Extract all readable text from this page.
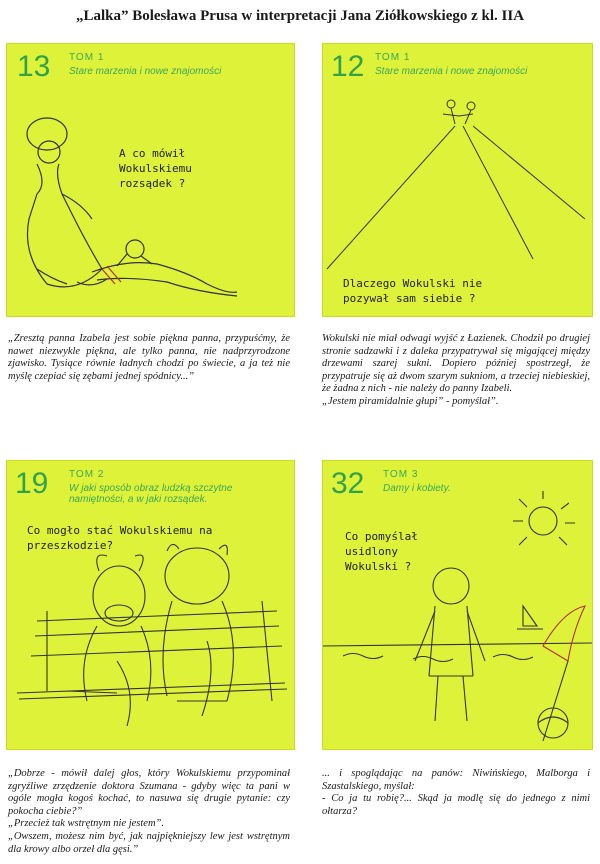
„Lalka” Bolesława Prusa w interpretacji Jana Ziółkowskiego z kl. IIA
13 TOM 1
Stare marzenia i nowe znajomości
A co mówił
Wokulskiemu
rozsądek ?
12 TOM 1
Stare marzenia i nowe znajomości
Dlaczego Wokulski nie
pozywał sam siebie ?

„Zresztą panna Izabela jest sobie piękna panna, przypuśćmy, że nawet niezwykle piękna, ale tylko panna, nie nadprzyrodzone zjawisko. Tysiące równie ładnych chodzi po świecie, a ja też nie myślę czepiać się zębami jednej spódnicy...”

Wokulski nie miał odwagi wyjść z Łazienek. Chodził po drugiej stronie sadzawki i z daleka przypatrywał się migającej między drzewami szarej sukni. Dopiero później spostrzegł, że przypatruje się aż dwom szarym sukniom, a trzeciej niebieskiej, że żadna z nich - nie należy do panny Izabeli.

„Jestem piramidalnie głupi” - pomyślał”.

19 TOM 2
W jaki sposób obraz ludzką szczytne namiętności, a w jaki rozsądek.
Co mogło stać Wokulskiemu na przeszkodzie?
32 TOM 3
Damy i kobiety.
Co pomyślał
usidlony
Wokulski ?

„Dobrze - mówił dalej głos, który Wokulskiemu przypominał zgryźliwe zrzędzenie doktora Szumana - gdyby więc ta pani w ogóle mogła kogoś kochać, to nasuwa się drugie pytanie: czy pokocha ciebie?”

„Przecież tak wstrętnym nie jestem”.

„Owszem, możesz nim być, jak najpiękniejszy lew jest wstrętnym dla krowy albo orzeł dla gęsi.”

... i spoglądając na panów: Niwińskiego, Malborga i Szastalskiego, myślał:

- Co ja tu robię?... Skąd ja modlę się do jednego z nimi ołtarza?
